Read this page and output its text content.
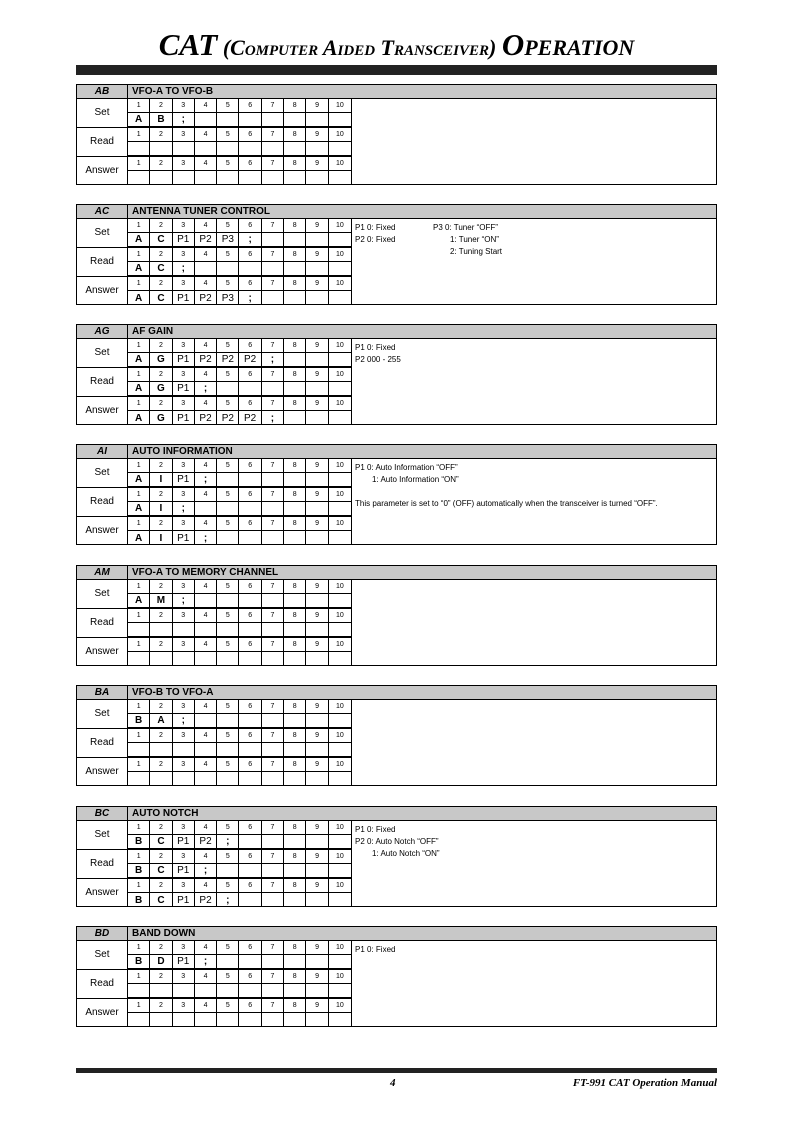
CAT (Computer Aided Transceiver) Operation
AB	VFO-A TO VFO-B
Set
1	2	3	4	5	6	7	8	9	10
A	B	;
Read
1	2	3	4	5	6	7	8	9	10
Answer
1	2	3	4	5	6	7	8	9	10
AC	ANTENNA TUNER CONTROL
Set
1	2	3	4	5	6	7	8	9	10
A	C	P1	P2	P3	;
Read
1	2	3	4	5	6	7	8	9	10
A	C	;
Answer
1	2	3	4	5	6	7	8	9	10
A	C	P1	P2	P3	;
P1 0: Fixed
P2 0: Fixed
P3 0: Tuner “OFF”
1: Tuner “ON”
2: Tuning Start
AG	AF GAIN
Set
1	2	3	4	5	6	7	8	9	10
A	G	P1	P2	P2	P2	;
Read
1	2	3	4	5	6	7	8	9	10
A	G	P1	;
Answer
1	2	3	4	5	6	7	8	9	10
A	G	P1	P2	P2	P2	;
P1 0: Fixed
P2 000 - 255
AI	AUTO INFORMATION
Set
1	2	3	4	5	6	7	8	9	10
A	I	P1	;
Read
1	2	3	4	5	6	7	8	9	10
A	I	;
Answer
1	2	3	4	5	6	7	8	9	10
A	I	P1	;
P1 0: Auto Information “OFF”
1: Auto Information “ON”
This parameter is set to “0” (OFF) automatically when the transceiver is turned “OFF”.
AM	VFO-A TO MEMORY CHANNEL
Set
1	2	3	4	5	6	7	8	9	10
A	M	;
Read
1	2	3	4	5	6	7	8	9	10
Answer
1	2	3	4	5	6	7	8	9	10
BA	VFO-B TO VFO-A
Set
1	2	3	4	5	6	7	8	9	10
B	A	;
Read
1	2	3	4	5	6	7	8	9	10
Answer
1	2	3	4	5	6	7	8	9	10
BC	AUTO NOTCH
Set
1	2	3	4	5	6	7	8	9	10
B	C	P1	P2	;
Read
1	2	3	4	5	6	7	8	9	10
B	C	P1	;
Answer
1	2	3	4	5	6	7	8	9	10
B	C	P1	P2	;
P1 0: Fixed
P2 0: Auto Notch “OFF”
1: Auto Notch “ON”
BD	BAND DOWN
Set
1	2	3	4	5	6	7	8	9	10
B	D	P1	;
Read
1	2	3	4	5	6	7	8	9	10
Answer
1	2	3	4	5	6	7	8	9	10
P1 0: Fixed
4	FT-991 CAT Operation Manual
